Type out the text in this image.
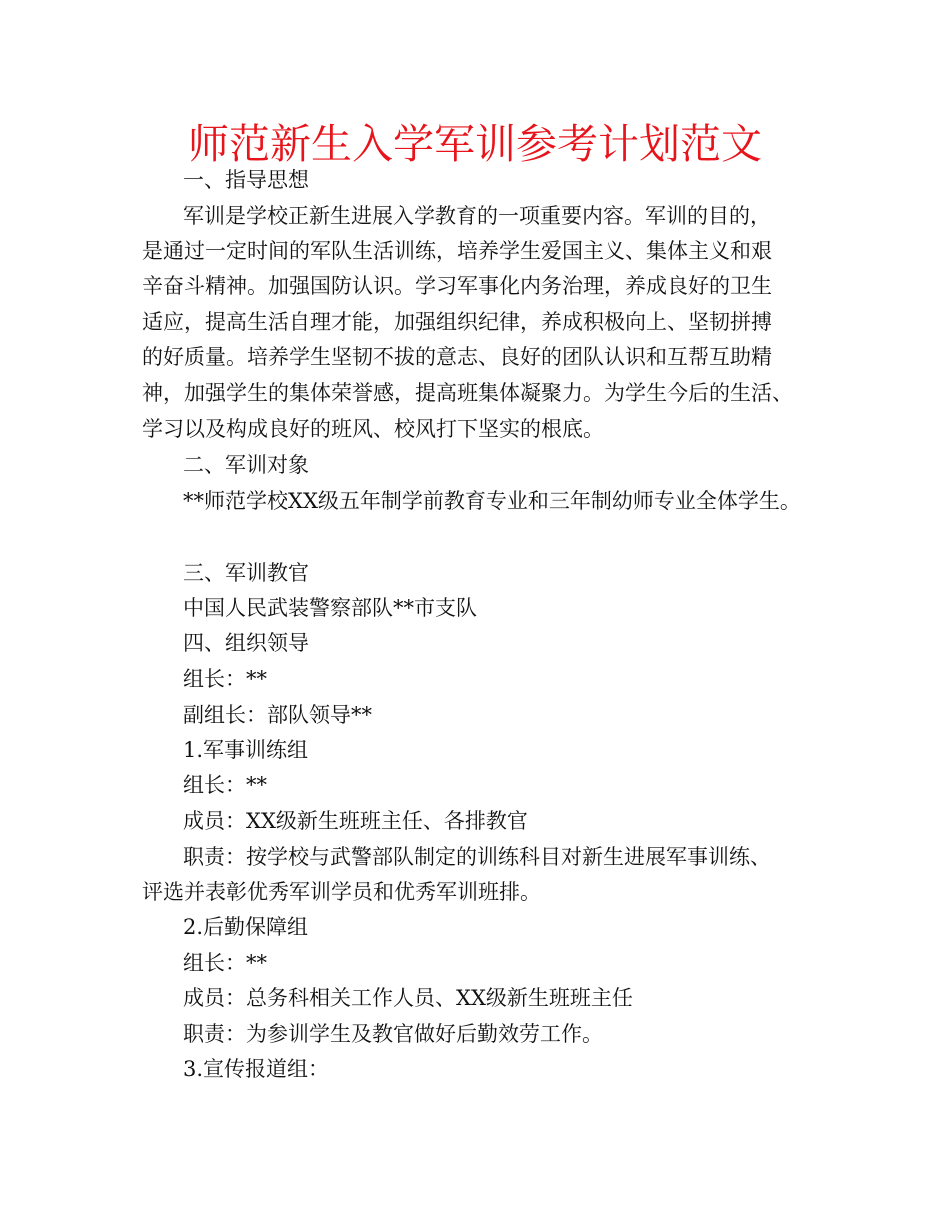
师范新生入学军训参考计划范文
一、指导思想
军训是学校正新生进展入学教育的一项重要内容。军训的目的，
是通过一定时间的军队生活训练，培养学生爱国主义、集体主义和艰
辛奋斗精神。加强国防认识。学习军事化内务治理，养成良好的卫生
适应，提高生活自理才能，加强组织纪律，养成积极向上、坚韧拼搏
的好质量。培养学生坚韧不拔的意志、良好的团队认识和互帮互助精
神，加强学生的集体荣誉感，提高班集体凝聚力。为学生今后的生活、
学习以及构成良好的班风、校风打下坚实的根底。
二、军训对象
**师范学校XX级五年制学前教育专业和三年制幼师专业全体学生。
三、军训教官
中国人民武装警察部队**市支队
四、组织领导
组长：**
副组长：部队领导**
1.军事训练组
组长：**
成员：XX级新生班班主任、各排教官
职责：按学校与武警部队制定的训练科目对新生进展军事训练、
评选并表彰优秀军训学员和优秀军训班排。
2.后勤保障组
组长：**
成员：总务科相关工作人员、XX级新生班班主任
职责：为参训学生及教官做好后勤效劳工作。
3.宣传报道组：
